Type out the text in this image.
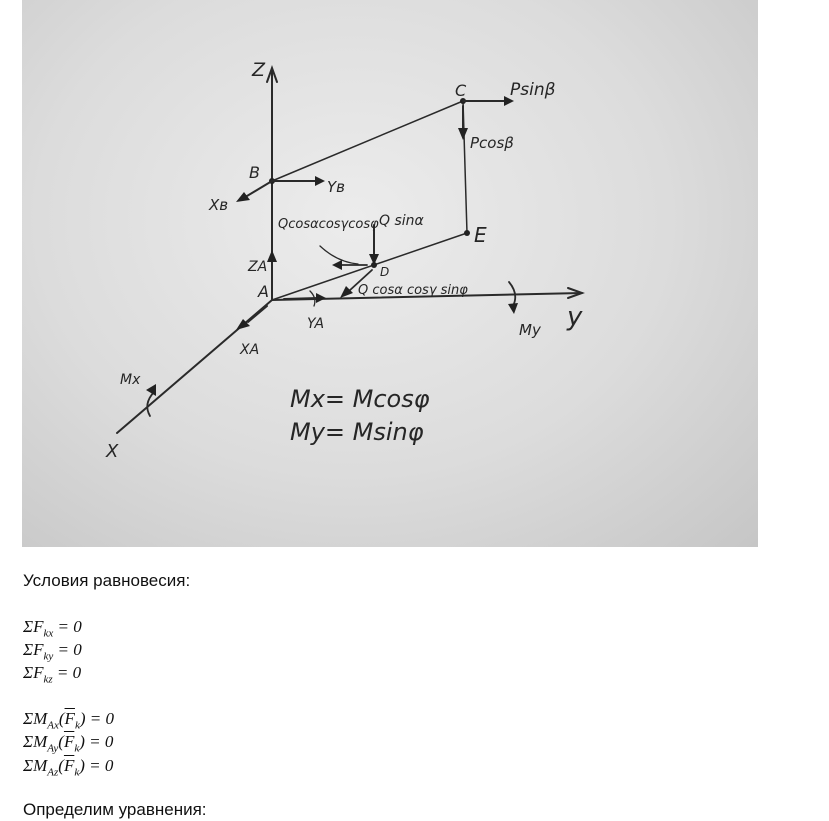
Z
y
X
A
B
C
D
E
Psinβ
Pcosβ
Yв
Xв
ZA
YA
XA
Qcosαcosγcosφ Q sinα
Q cosα cosγ sinφ
Mx
My
Mx= Mcosφ
My= Msinφ
Условия равновесия:
$\Sigma F_{kx} = 0$
$\Sigma F_{ky} = 0$
$\Sigma F_{kz} = 0$
$\Sigma M_{Ax}(\overline{F}_k) = 0$
$\Sigma M_{Ay}(\overline{F}_k) = 0$
$\Sigma M_{Az}(\overline{F}_k) = 0$
Определим уравнения:
